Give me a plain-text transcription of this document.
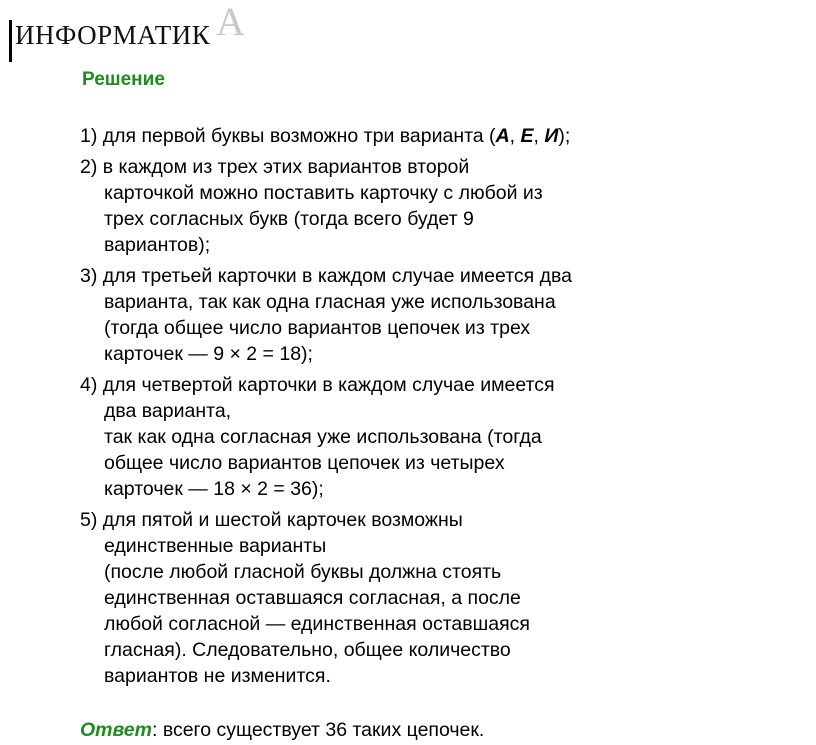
ИНФОРМАТИК А
Решение
1) для первой буквы возможно три варианта (А, Е, И);
2) в каждом из трех этих вариантов второй
карточкой можно поставить карточку с любой из
трех согласных букв (тогда всего будет 9
вариантов);
3) для третьей карточки в каждом случае имеется два
варианта, так как одна гласная уже использована
(тогда общее число вариантов цепочек из трех
карточек — 9 × 2 = 18);
4) для четвертой карточки в каждом случае имеется
два варианта,
так как одна согласная уже использована (тогда
общее число вариантов цепочек из четырех
карточек — 18 × 2 = 36);
5) для пятой и шестой карточек возможны
единственные варианты
(после любой гласной буквы должна стоять
единственная оставшаяся согласная, а после
любой согласной — единственная оставшаяся
гласная). Следовательно, общее количество
вариантов не изменится.
Ответ: всего существует 36 таких цепочек.
